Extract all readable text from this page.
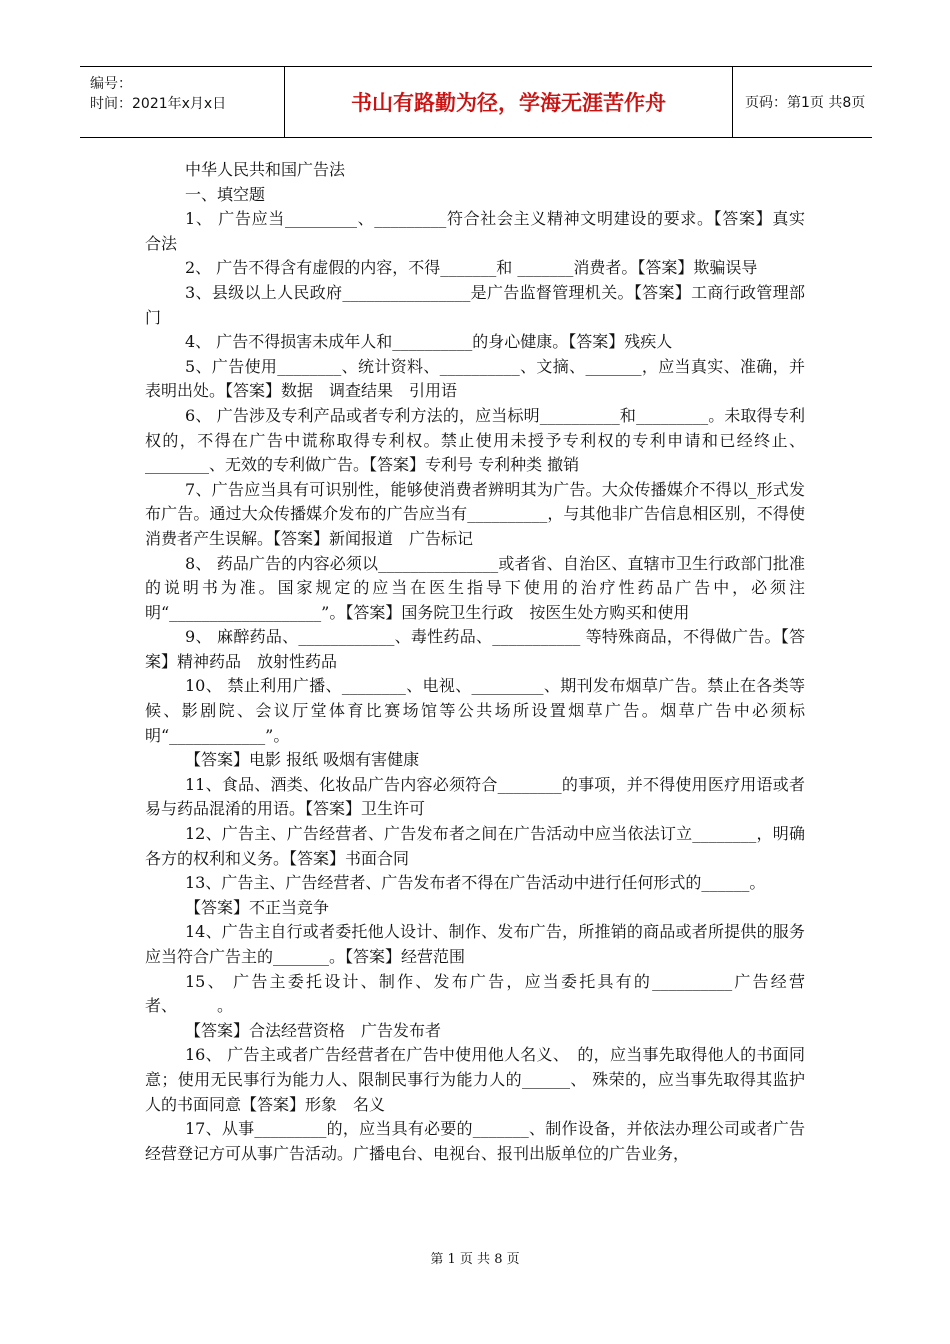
编号：
时间：2021年x月x日	书山有路勤为径，学海无涯苦作舟	页码：第1页 共8页

中华人民共和国广告法

一、填空题

1、 广告应当_________、_________符合社会主义精神文明建设的要求。【答案】真实　合法

2、 广告不得含有虚假的内容，不得_______和 _______消费者。【答案】欺骗误导

3、县级以上人民政府________________是广告监督管理机关。【答案】工商行政管理部门

4、 广告不得损害未成年人和__________的身心健康。【答案】残疾人

5、广告使用________、统计资料、__________、文摘、_______，应当真实、准确，并表明出处。【答案】数据　调查结果　引用语

6、 广告涉及专利产品或者专利方法的，应当标明__________和_________。未取得专利权的，不得在广告中谎称取得专利权。禁止使用未授予专利权的专利申请和已经终止、________、无效的专利做广告。【答案】专利号 专利种类 撤销

7、广告应当具有可识别性，能够使消费者辨明其为广告。大众传播媒介不得以_形式发布广告。通过大众传播媒介发布的广告应当有__________，与其他非广告信息相区别，不得使消费者产生误解。【答案】新闻报道　广告标记

8、 药品广告的内容必须以_______________或者省、自治区、直辖市卫生行政部门批准的说明书为准。国家规定的应当在医生指导下使用的治疗性药品广告中，必须注明“___________________”。【答案】国务院卫生行政　按医生处方购买和使用

9、 麻醉药品、____________、毒性药品、___________ 等特殊商品，不得做广告。【答案】精神药品　放射性药品

10、 禁止利用广播、________、电视、_________、期刊发布烟草广告。禁止在各类等候、影剧院、会议厅堂体育比赛场馆等公共场所设置烟草广告。烟草广告中必须标明“____________”。

【答案】电影 报纸 吸烟有害健康

11、食品、酒类、化妆品广告内容必须符合________的事项，并不得使用医疗用语或者易与药品混淆的用语。【答案】卫生许可

12、广告主、广告经营者、广告发布者之间在广告活动中应当依法订立________，明确各方的权利和义务。【答案】书面合同

13、广告主、广告经营者、广告发布者不得在广告活动中进行任何形式的______。

【答案】不正当竞争

14、广告主自行或者委托他人设计、制作、发布广告，所推销的商品或者所提供的服务应当符合广告主的_______。【答案】经营范围

15、 广告主委托设计、制作、发布广告，应当委托具有的__________广告经营者、　　　。

【答案】合法经营资格　广告发布者

16、 广告主或者广告经营者在广告中使用他人名义、　的，应当事先取得他人的书面同意；使用无民事行为能力人、限制民事行为能力人的______、 殊荣的，应当事先取得其监护人的书面同意【答案】形象　名义

17、从事_________的，应当具有必要的_______、制作设备，并依法办理公司或者广告经营登记方可从事广告活动。广播电台、电视台、报刊出版单位的广告业务，

第 1 页 共 8 页
